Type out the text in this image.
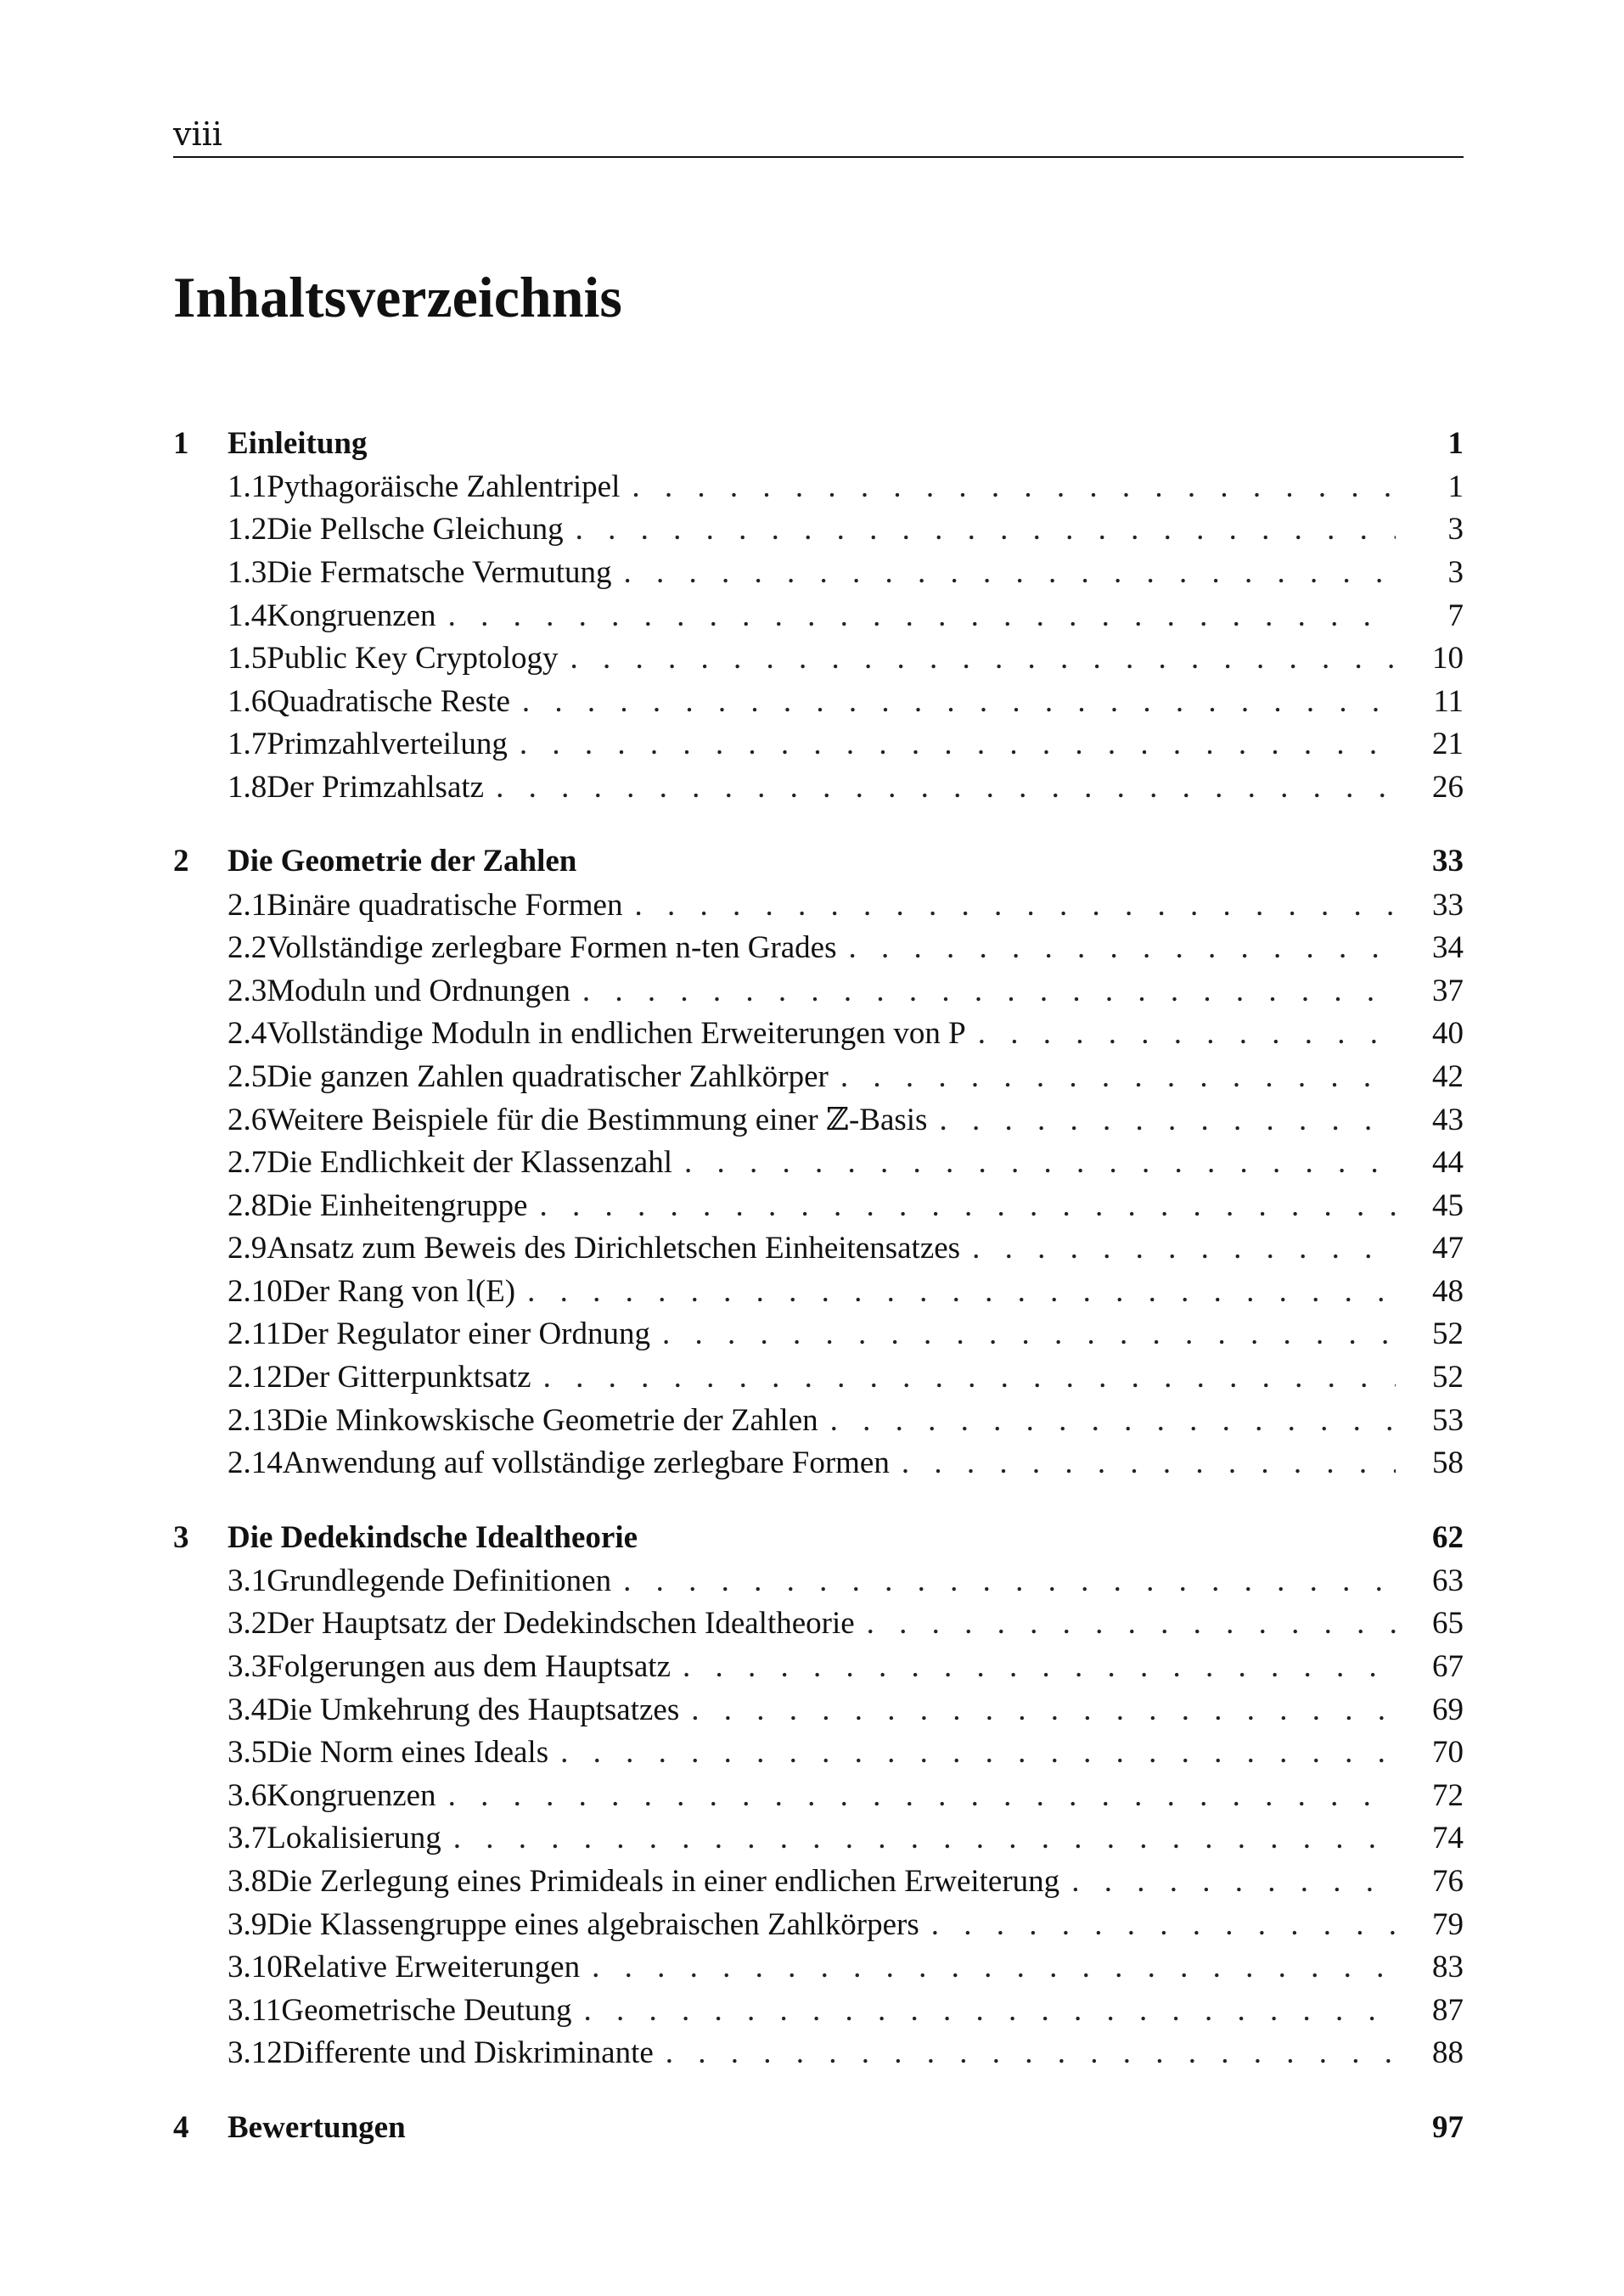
viii
Inhaltsverzeichnis
1	Einleitung	1
1.1 Pythagoräische Zahlentripel . . .	1
1.2 Die Pellsche Gleichung . . .	3
1.3 Die Fermatsche Vermutung . . .	3
1.4 Kongruenzen . . .	7
1.5 Public Key Cryptology . . .	10
1.6 Quadratische Reste . . .	11
1.7 Primzahlverteilung . . .	21
1.8 Der Primzahlsatz . . .	26
2	Die Geometrie der Zahlen	33
2.1 Binäre quadratische Formen . . .	33
2.2 Vollständige zerlegbare Formen n-ten Grades . . .	34
2.3 Moduln und Ordnungen . . .	37
2.4 Vollständige Moduln in endlichen Erweiterungen von P . . .	40
2.5 Die ganzen Zahlen quadratischer Zahlkörper . . .	42
2.6 Weitere Beispiele für die Bestimmung einer ℤ-Basis . . .	43
2.7 Die Endlichkeit der Klassenzahl . . .	44
2.8 Die Einheitengruppe . . .	45
2.9 Ansatz zum Beweis des Dirichletschen Einheitensatzes . . .	47
2.10 Der Rang von l(E) . . .	48
2.11 Der Regulator einer Ordnung . . .	52
2.12 Der Gitterpunktsatz . . .	52
2.13 Die Minkowskische Geometrie der Zahlen . . .	53
2.14 Anwendung auf vollständige zerlegbare Formen . . .	58
3	Die Dedekindsche Idealtheorie	62
3.1 Grundlegende Definitionen . . .	63
3.2 Der Hauptsatz der Dedekindschen Idealtheorie . . .	65
3.3 Folgerungen aus dem Hauptsatz . . .	67
3.4 Die Umkehrung des Hauptsatzes . . .	69
3.5 Die Norm eines Ideals . . .	70
3.6 Kongruenzen . . .	72
3.7 Lokalisierung . . .	74
3.8 Die Zerlegung eines Primideals in einer endlichen Erweiterung . . .	76
3.9 Die Klassengruppe eines algebraischen Zahlkörpers . . .	79
3.10 Relative Erweiterungen . . .	83
3.11 Geometrische Deutung . . .	87
3.12 Differente und Diskriminante . . .	88
4	Bewertungen	97
